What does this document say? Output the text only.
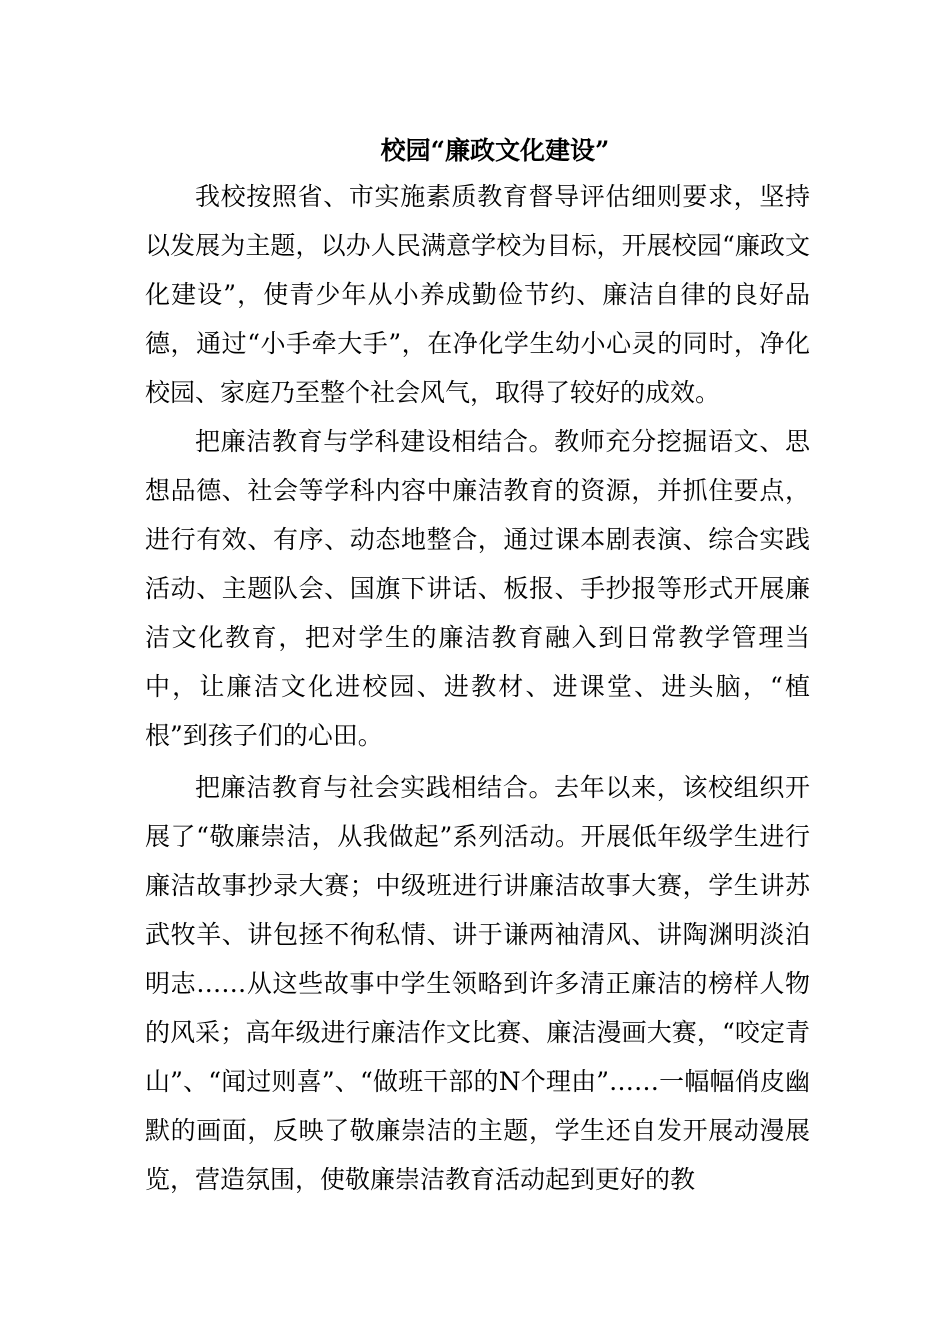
校园“廉政文化建设”

我校按照省、市实施素质教育督导评估细则要求，坚持以发展为主题，以办人民满意学校为目标，开展校园“廉政文化建设”，使青少年从小养成勤俭节约、廉洁自律的良好品德，通过“小手牵大手”，在净化学生幼小心灵的同时，净化校园、家庭乃至整个社会风气，取得了较好的成效。

把廉洁教育与学科建设相结合。教师充分挖掘语文、思想品德、社会等学科内容中廉洁教育的资源，并抓住要点，进行有效、有序、动态地整合，通过课本剧表演、综合实践活动、主题队会、国旗下讲话、板报、手抄报等形式开展廉洁文化教育，把对学生的廉洁教育融入到日常教学管理当中，让廉洁文化进校园、进教材、进课堂、进头脑，“植根”到孩子们的心田。

把廉洁教育与社会实践相结合。去年以来，该校组织开展了“敬廉崇洁，从我做起”系列活动。开展低年级学生进行廉洁故事抄录大赛；中级班进行讲廉洁故事大赛，学生讲苏武牧羊、讲包拯不徇私情、讲于谦两袖清风、讲陶渊明淡泊明志……从这些故事中学生领略到许多清正廉洁的榜样人物的风采；高年级进行廉洁作文比赛、廉洁漫画大赛，“咬定青山”、“闻过则喜”、“做班干部的N个理由”……一幅幅俏皮幽默的画面，反映了敬廉崇洁的主题，学生还自发开展动漫展览，营造氛围，使敬廉崇洁教育活动起到更好的教
